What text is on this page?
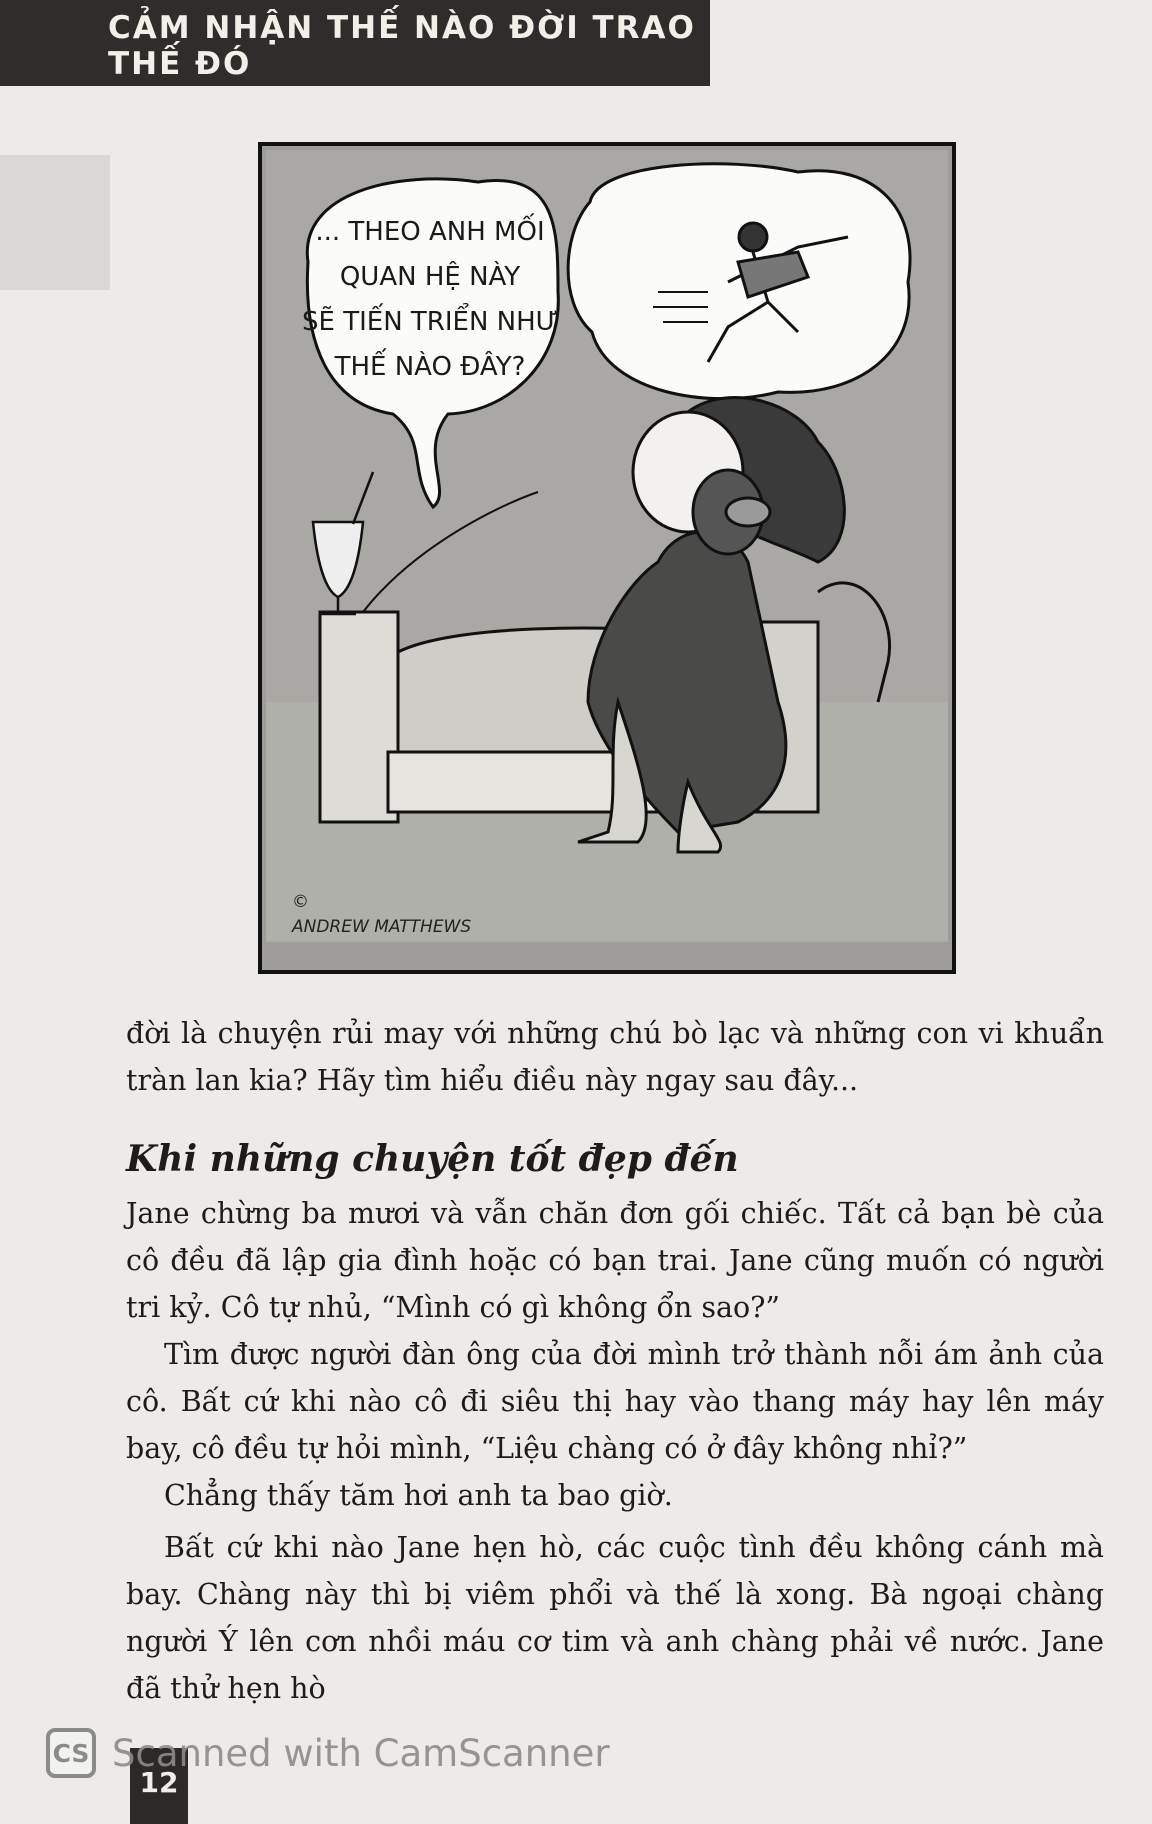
CẢM NHẬN THẾ NÀO ĐỜI TRAO THẾ ĐÓ
... THEO ANH MỐI
QUAN HỆ NÀY
SẼ TIẾN TRIỂN NHƯ
THẾ NÀO ĐÂY?
©
ANDREW MATTHEWS

đời là chuyện rủi may với những chú bò lạc và những con vi khuẩn tràn lan kia? Hãy tìm hiểu điều này ngay sau đây...

Khi những chuyện tốt đẹp đến

Jane chừng ba mươi và vẫn chăn đơn gối chiếc. Tất cả bạn bè của cô đều đã lập gia đình hoặc có bạn trai. Jane cũng muốn có người tri kỷ. Cô tự nhủ, “Mình có gì không ổn sao?”

Tìm được người đàn ông của đời mình trở thành nỗi ám ảnh của cô. Bất cứ khi nào cô đi siêu thị hay vào thang máy hay lên máy bay, cô đều tự hỏi mình, “Liệu chàng có ở đây không nhỉ?”

Chẳng thấy tăm hơi anh ta bao giờ.

Bất cứ khi nào Jane hẹn hò, các cuộc tình đều không cánh mà bay. Chàng này thì bị viêm phổi và thế là xong. Bà ngoại chàng người Ý lên cơn nhồi máu cơ tim và anh chàng phải về nước. Jane đã thử hẹn hò

12
CS Scanned with CamScanner
